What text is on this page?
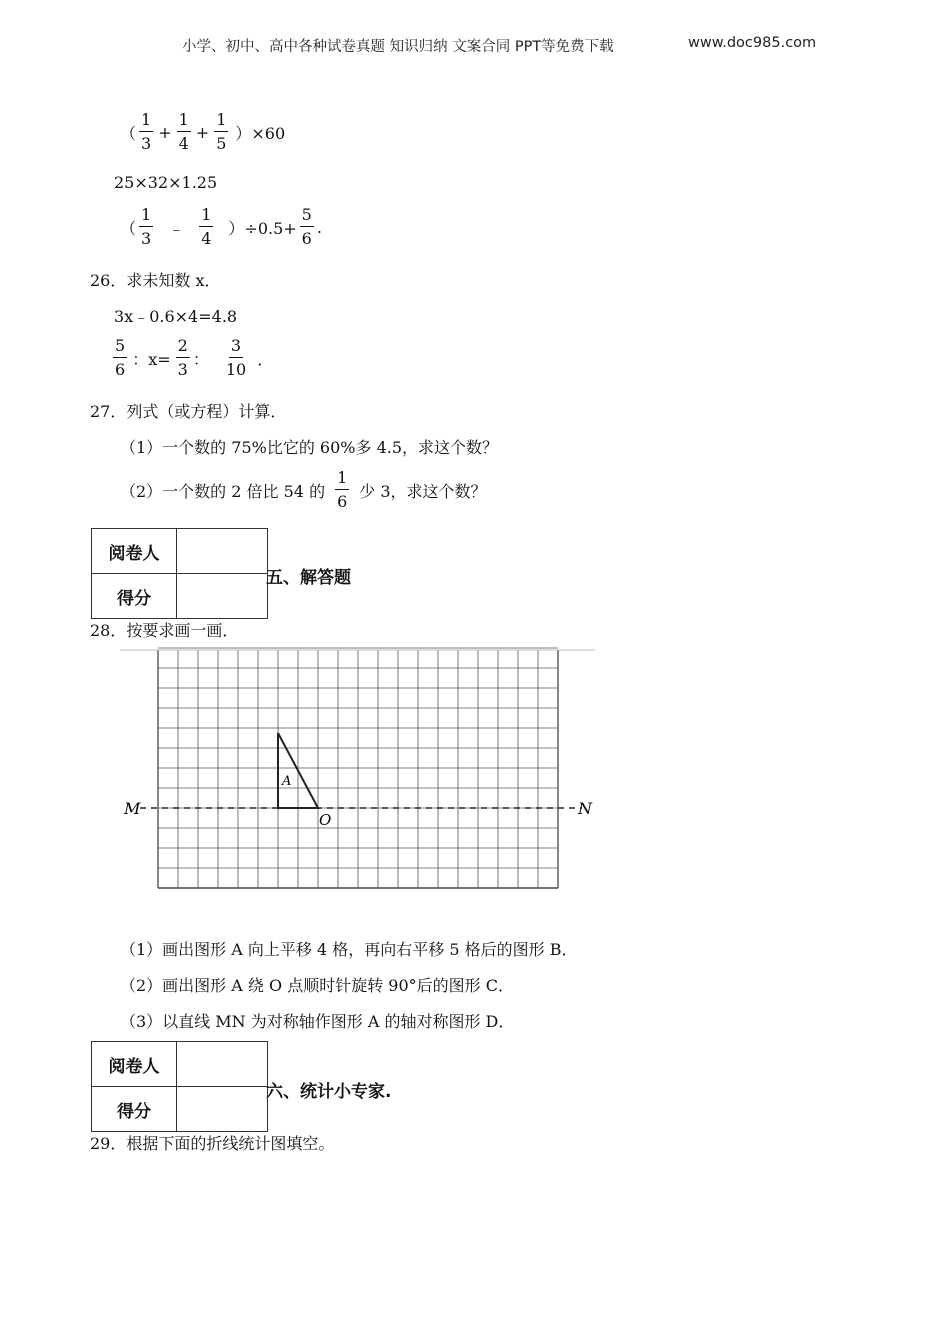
小学、初中、高中各种试卷真题 知识归纳 文案合同 PPT等免费下载	www.doc985.com
（ $\frac{1}{3} + \frac{1}{4} + \frac{1}{5} )\times 60$
25×32×1.25
（ $\frac{1}{3}$ ﹣ $\frac{1}{4} )\div 0.5+ \frac{5}{6}$ .
26．求未知数 x．
3x﹣0.6×4=4.8
$\frac{5}{6}$ ：$x= \frac{2}{3}$ ： $\frac{3}{10}$ ．
27．列式（或方程）计算．
（1）一个数的 75%比它的 60%多 4.5，求这个数？
（2）一个数的 2 倍比 54 的 $\frac{1}{6}$ 少 3，求这个数？
阅卷人	
得分	
五、解答题
28．按要求画一画．
M	N
A
O
（1）画出图形 A 向上平移 4 格，再向右平移 5 格后的图形 B．
（2）画出图形 A 绕 O 点顺时针旋转 90°后的图形 C．
（3）以直线 MN 为对称轴作图形 A 的轴对称图形 D．
阅卷人	
得分	
六、统计小专家.
29．根据下面的折线统计图填空。
